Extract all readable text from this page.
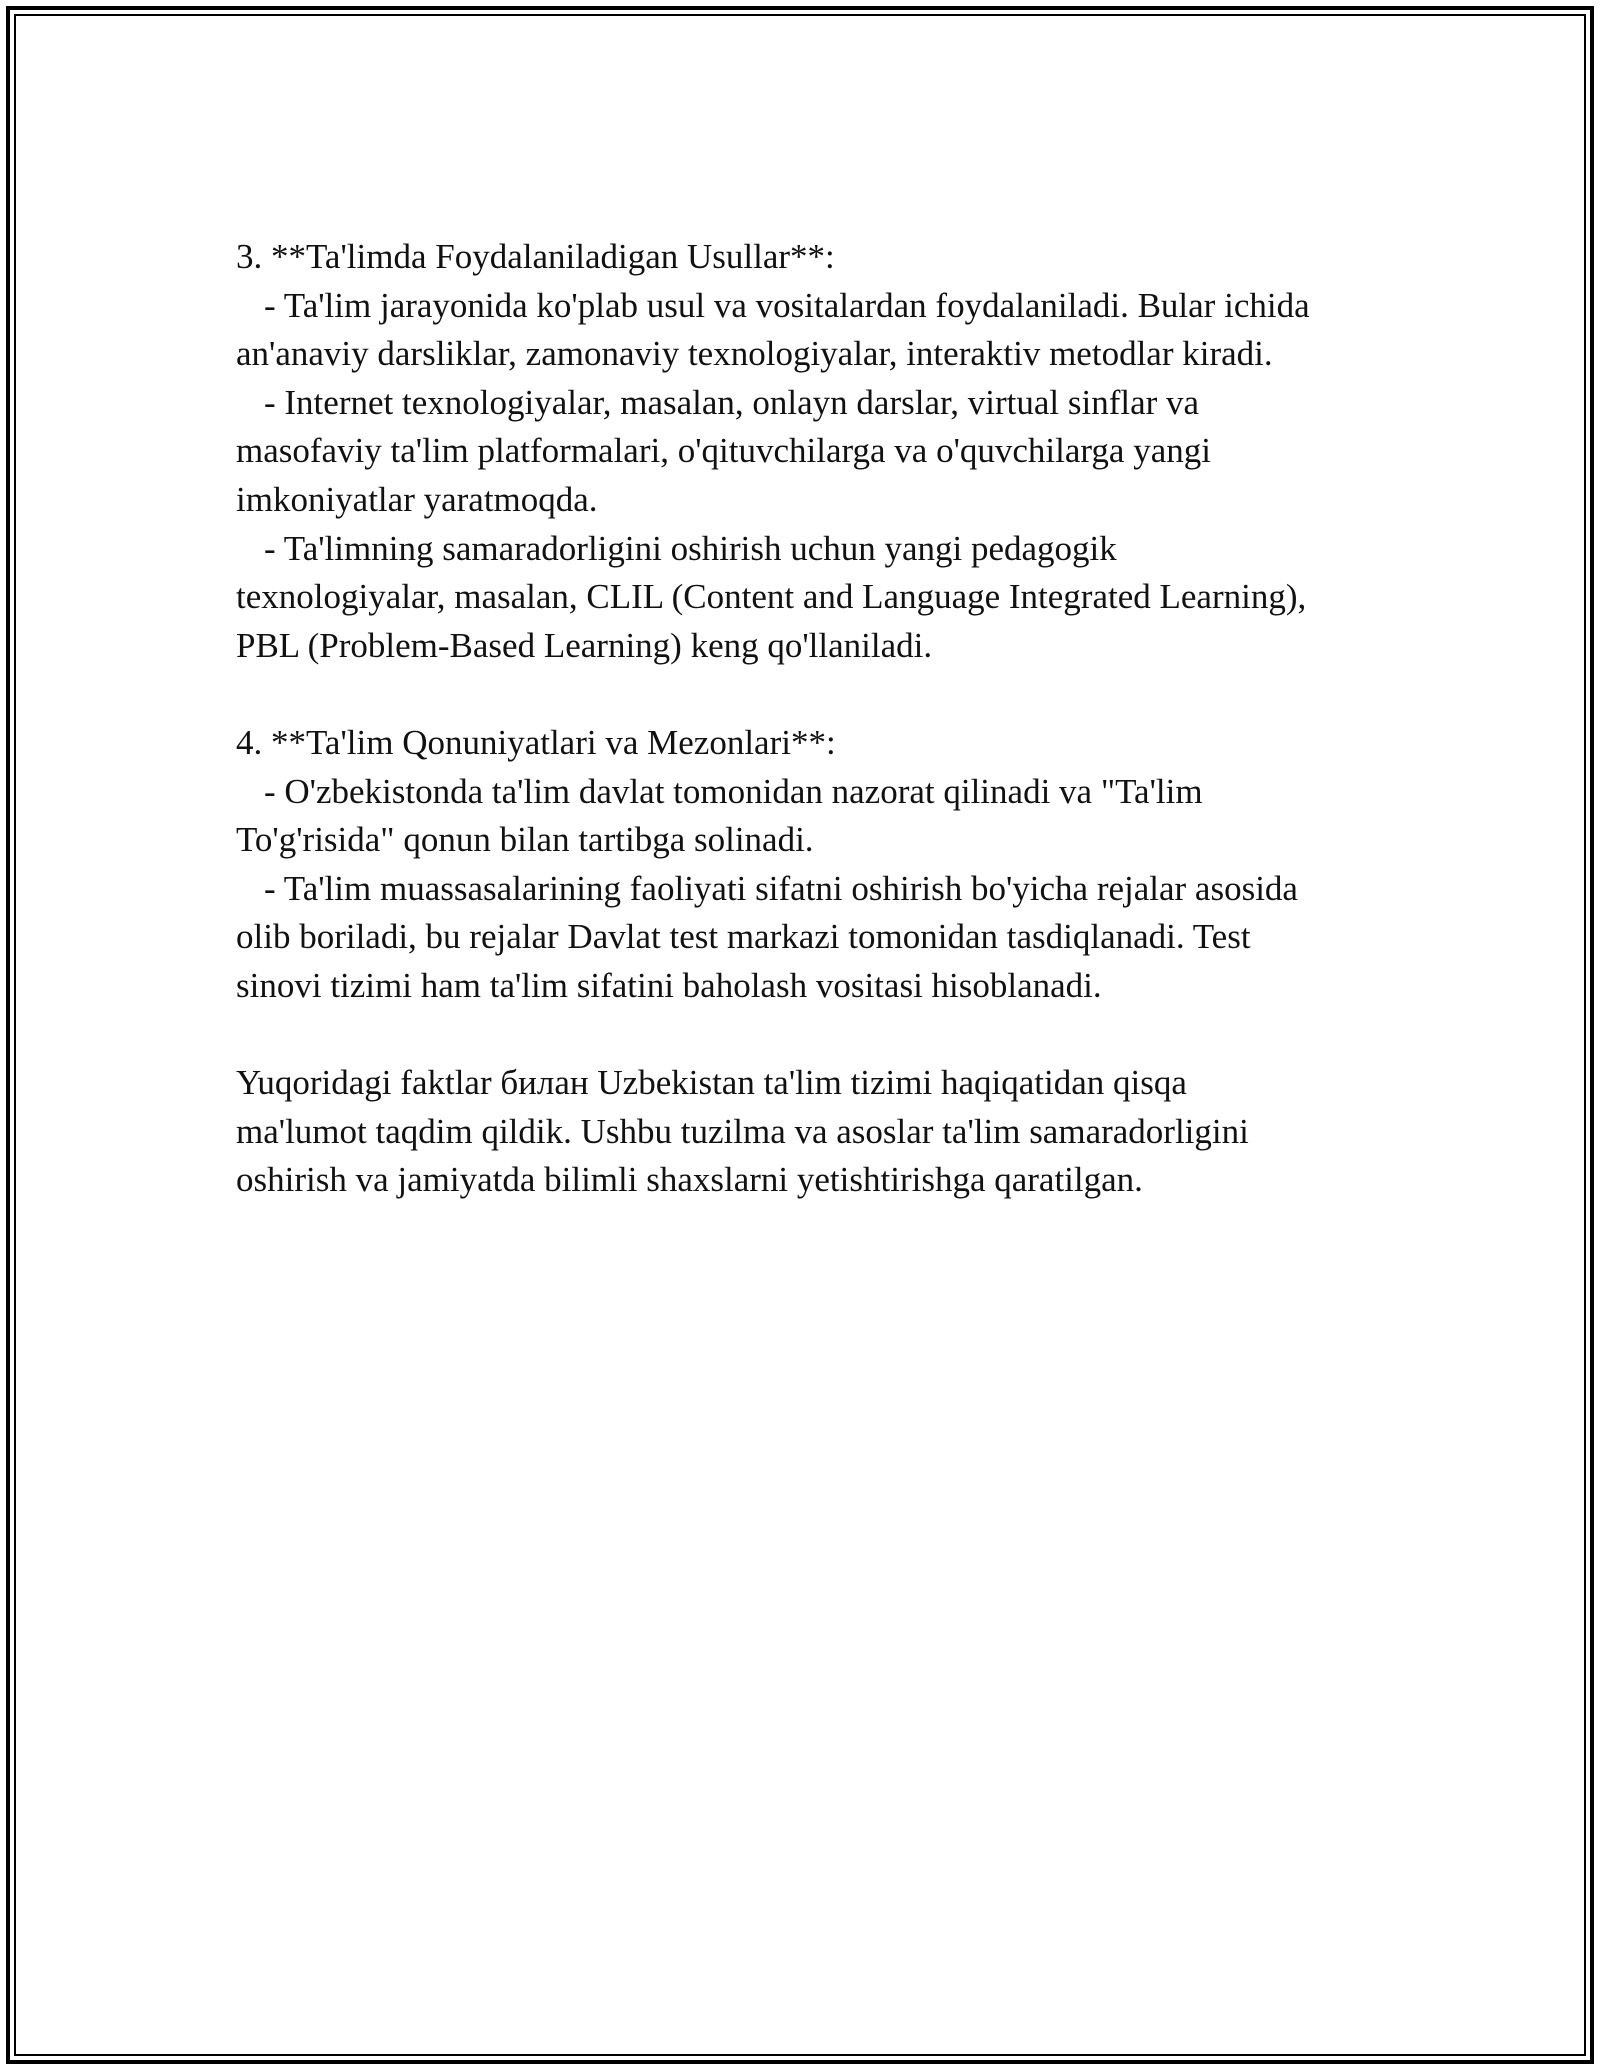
3. **Ta'limda Foydalaniladigan Usullar**:
- Ta'lim jarayonida ko'plab usul va vositalardan foydalaniladi. Bular ichida
an'anaviy darsliklar, zamonaviy texnologiyalar, interaktiv metodlar kiradi.
- Internet texnologiyalar, masalan, onlayn darslar, virtual sinflar va
masofaviy ta'lim platformalari, o'qituvchilarga va o'quvchilarga yangi
imkoniyatlar yaratmoqda.
- Ta'limning samaradorligini oshirish uchun yangi pedagogik
texnologiyalar, masalan, CLIL (Content and Language Integrated Learning),
PBL (Problem-Based Learning) keng qo'llaniladi.
4. **Ta'lim Qonuniyatlari va Mezonlari**:
- O'zbekistonda ta'lim davlat tomonidan nazorat qilinadi va "Ta'lim
To'g'risida" qonun bilan tartibga solinadi.
- Ta'lim muassasalarining faoliyati sifatni oshirish bo'yicha rejalar asosida
olib boriladi, bu rejalar Davlat test markazi tomonidan tasdiqlanadi. Test
sinovi tizimi ham ta'lim sifatini baholash vositasi hisoblanadi.
Yuqoridagi faktlar билан Uzbekistan ta'lim tizimi haqiqatidan qisqa
ma'lumot taqdim qildik. Ushbu tuzilma va asoslar ta'lim samaradorligini
oshirish va jamiyatda bilimli shaxslarni yetishtirishga qaratilgan.
